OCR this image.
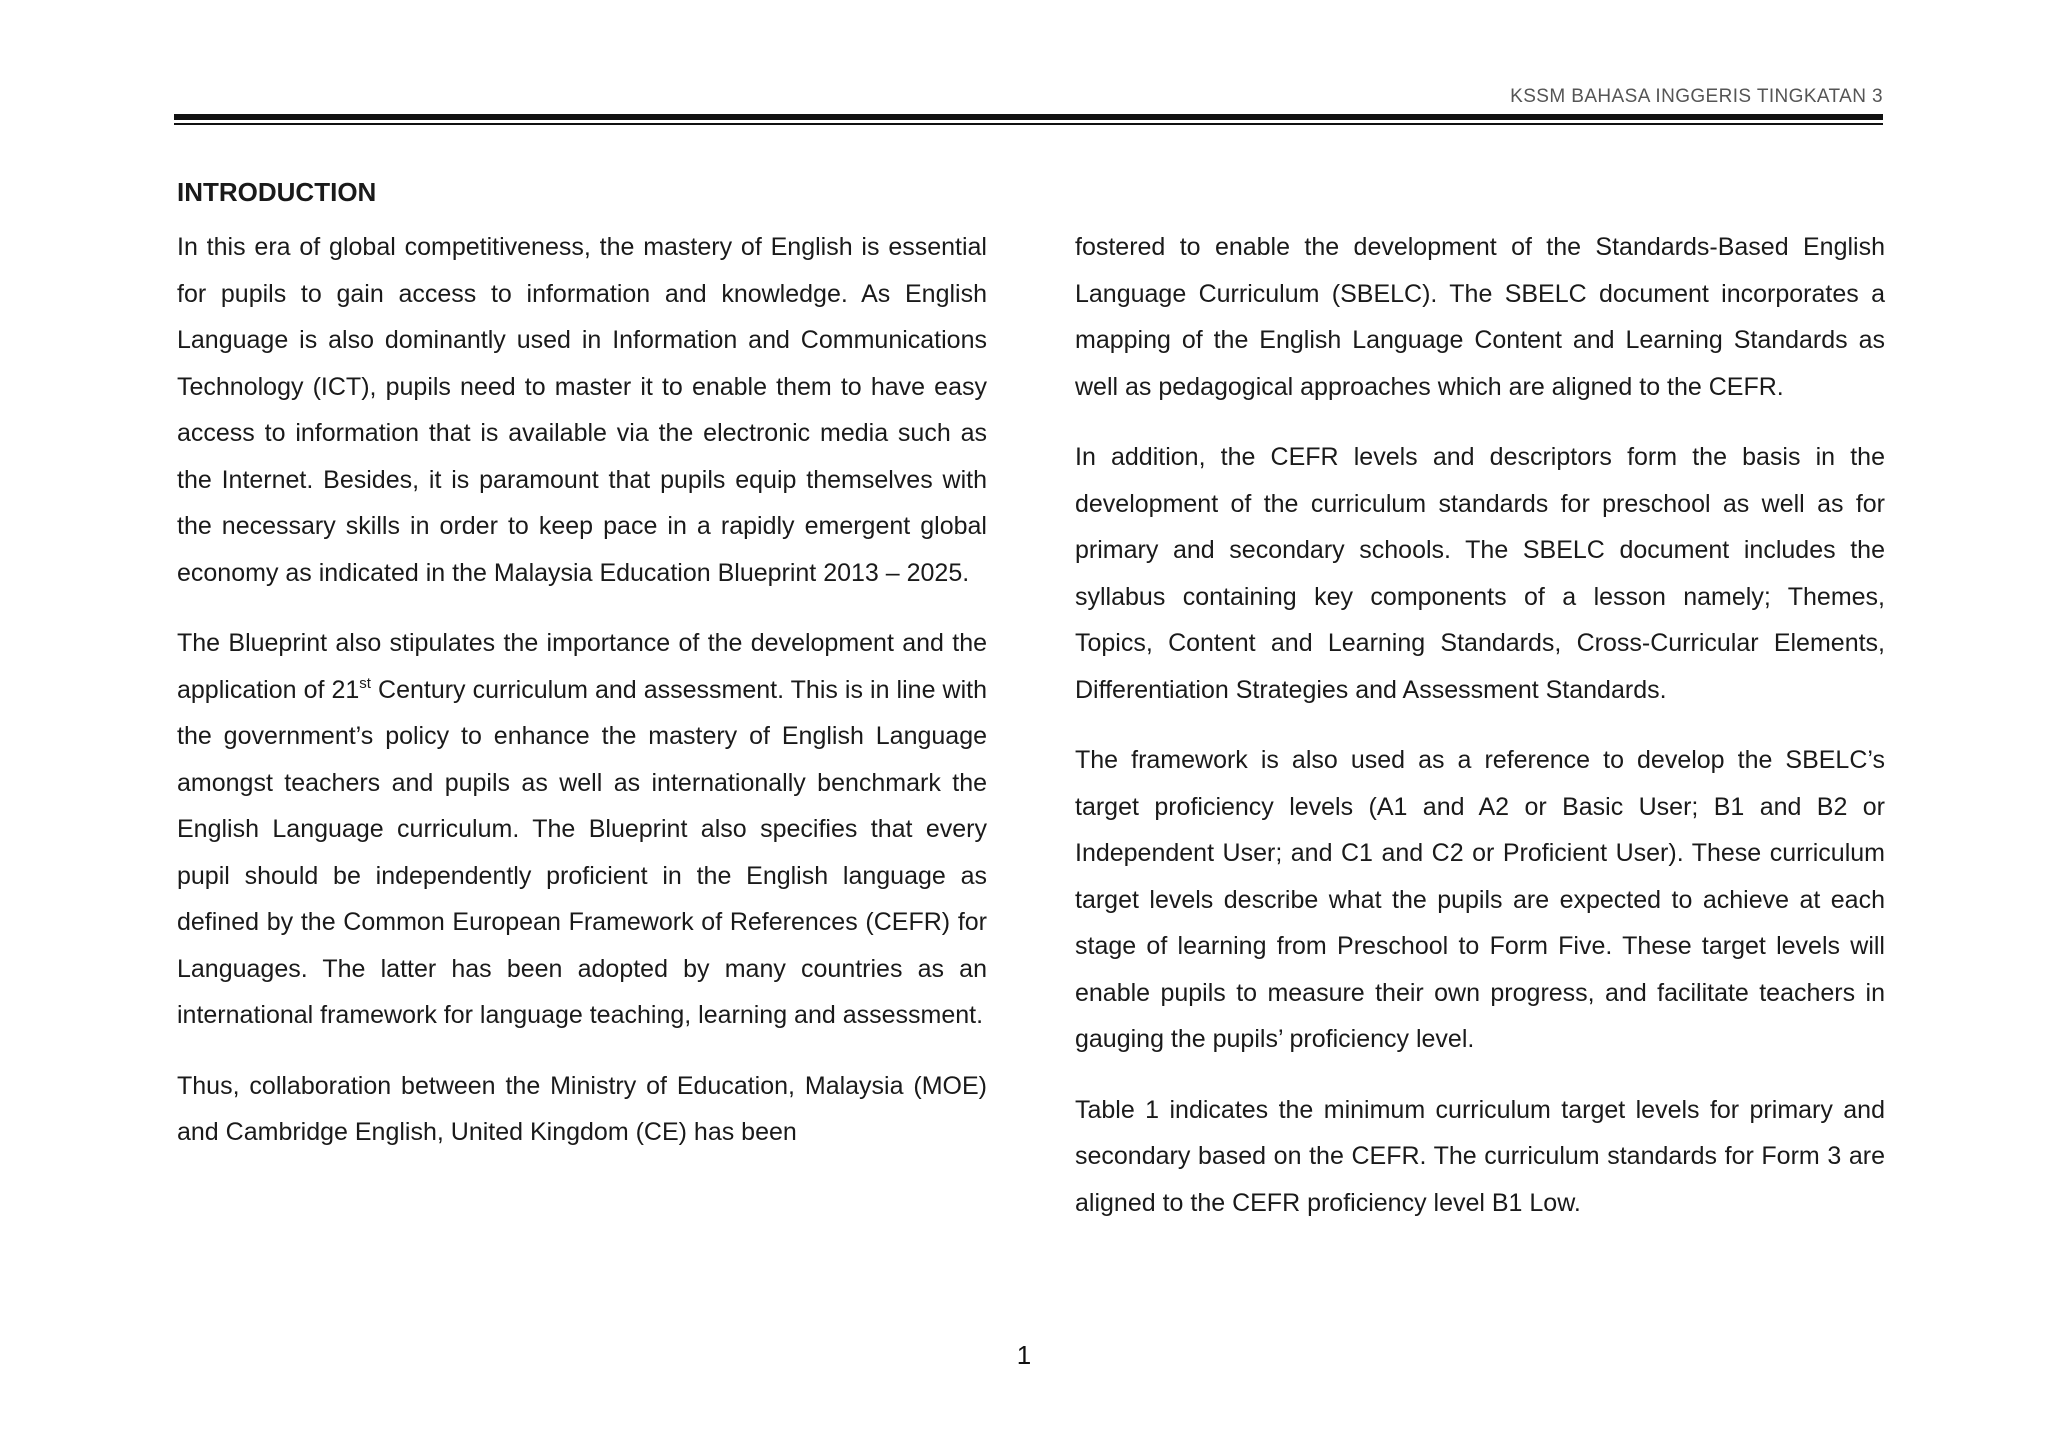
KSSM BAHASA INGGERIS TINGKATAN 3
INTRODUCTION

In this era of global competitiveness, the mastery of English is essential for pupils to gain access to information and knowledge. As English Language is also dominantly used in Information and Communications Technology (ICT), pupils need to master it to enable them to have easy access to information that is available via the electronic media such as the Internet. Besides, it is paramount that pupils equip themselves with the necessary skills in order to keep pace in a rapidly emergent global economy as indicated in the Malaysia Education Blueprint 2013 – 2025.

The Blueprint also stipulates the importance of the development and the application of 21st Century curriculum and assessment. This is in line with the government’s policy to enhance the mastery of English Language amongst teachers and pupils as well as internationally benchmark the English Language curriculum. The Blueprint also specifies that every pupil should be independently proficient in the English language as defined by the Common European Framework of References (CEFR) for Languages. The latter has been adopted by many countries as an international framework for language teaching, learning and assessment.

Thus, collaboration between the Ministry of Education, Malaysia (MOE) and Cambridge English, United Kingdom (CE) has been

fostered to enable the development of the Standards-Based English Language Curriculum (SBELC). The SBELC document incorporates a mapping of the English Language Content and Learning Standards as well as pedagogical approaches which are aligned to the CEFR.

In addition, the CEFR levels and descriptors form the basis in the development of the curriculum standards for preschool as well as for primary and secondary schools. The SBELC document includes the syllabus containing key components of a lesson namely; Themes, Topics, Content and Learning Standards, Cross-Curricular Elements, Differentiation Strategies and Assessment Standards.

The framework is also used as a reference to develop the SBELC’s target proficiency levels (A1 and A2 or Basic User; B1 and B2 or Independent User; and C1 and C2 or Proficient User). These curriculum target levels describe what the pupils are expected to achieve at each stage of learning from Preschool to Form Five. These target levels will enable pupils to measure their own progress, and facilitate teachers in gauging the pupils’ proficiency level.

Table 1 indicates the minimum curriculum target levels for primary and secondary based on the CEFR. The curriculum standards for Form 3 are aligned to the CEFR proficiency level B1 Low.

1
